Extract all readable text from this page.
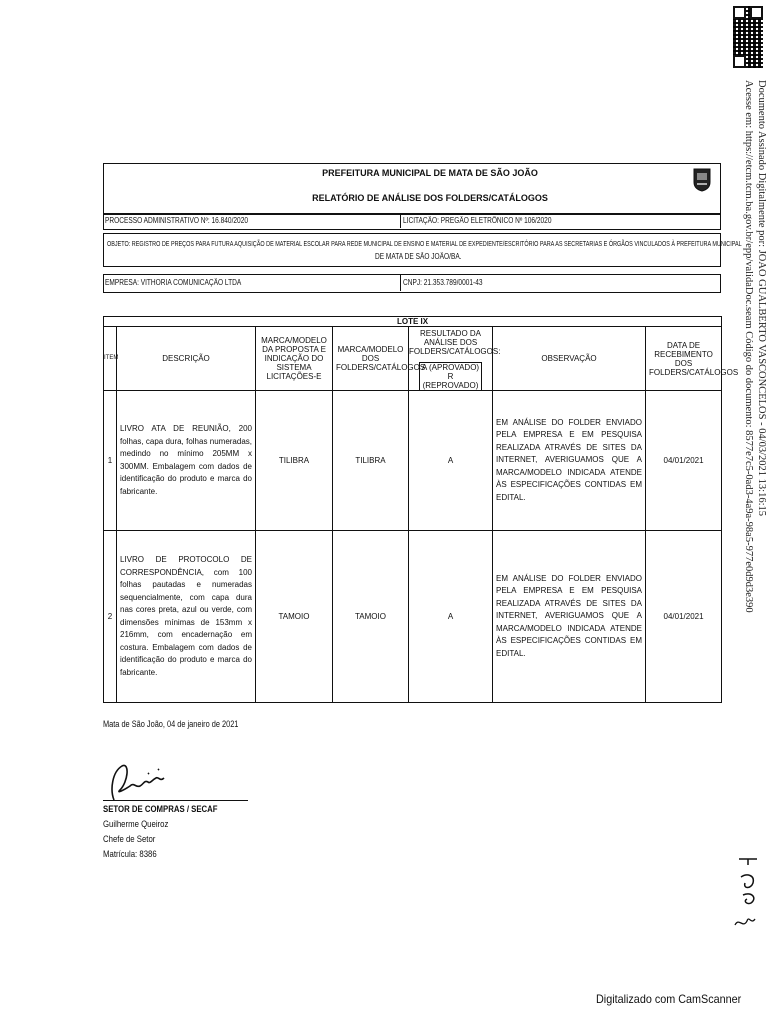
Documento Assinado Digitalmente por: JOAO GUALBERTO VASCONCELOS - 04/03/2021 13:16:15
Acesse em: https://etcm.tcm.ba.gov.br/epp/validaDoc.seam Código do documento: 8577e7c5-0ad3-4a9a-98a5-977e0d9d3e390
PREFEITURA MUNICIPAL DE MATA DE SÃO JOÃO
RELATÓRIO DE ANÁLISE DOS FOLDERS/CATÁLOGOS
PROCESSO ADMINISTRATIVO Nº: 16.840/2020	LICITAÇÃO: PREGÃO ELETRÔNICO Nº 106/2020
OBJETO: REGISTRO DE PREÇOS PARA FUTURA AQUISIÇÃO DE MATERIAL ESCOLAR PARA REDE MUNICIPAL DE ENSINO E MATERIAL DE EXPEDIENTE/ESCRITÓRIO PARA AS SECRETARIAS E ÓRGÃOS VINCULADOS À PREFEITURA MUNICIPAL
DE MATA DE SÃO JOÃO/BA.
EMPRESA: VITHORIA COMUNICAÇÃO LTDA	CNPJ: 21.353.789/0001-43
LOTE IX						
ITEM	DESCRIÇÃO	MARCA/MODELO DA PROPOSTA E INDICAÇÃO DO SISTEMA LICITAÇÕES-E	MARCA/MODELO DOS FOLDERS/CATÁLOGOS	RESULTADO DA ANÁLISE DOS FOLDERS/CATÁLOGOS:
A (APROVADO)
R (REPROVADO)	OBSERVAÇÃO	DATA DE RECEBIMENTO DOS FOLDERS/CATÁLOGOS
1	LIVRO ATA DE REUNIÃO, 200 folhas, capa dura, folhas numeradas, medindo no mínimo 205MM x 300MM. Embalagem com dados de identificação do produto e marca do fabricante.	TILIBRA	TILIBRA	A	EM ANÁLISE DO FOLDER ENVIADO PELA EMPRESA E EM PESQUISA REALIZADA ATRAVÉS DE SITES DA INTERNET, AVERIGUAMOS QUE A MARCA/MODELO INDICADA ATENDE ÀS ESPECIFICAÇÕES CONTIDAS EM EDITAL.	04/01/2021
2	LIVRO DE PROTOCOLO DE CORRESPONDÊNCIA, com 100 folhas pautadas e numeradas sequencialmente, com capa dura nas cores preta, azul ou verde, com dimensões mínimas de 153mm x 216mm, com encadernação em costura. Embalagem com dados de identificação do produto e marca do fabricante.	TAMOIO	TAMOIO	A	EM ANÁLISE DO FOLDER ENVIADO PELA EMPRESA E EM PESQUISA REALIZADA ATRAVÉS DE SITES DA INTERNET, AVERIGUAMOS QUE A MARCA/MODELO INDICADA ATENDE ÀS ESPECIFICAÇÕES CONTIDAS EM EDITAL.	04/01/2021
Mata de São João, 04 de janeiro de 2021
SETOR DE COMPRAS / SECAF
Guilherme Queiroz
Chefe de Setor
Matrícula: 8386
Digitalizado com CamScanner
